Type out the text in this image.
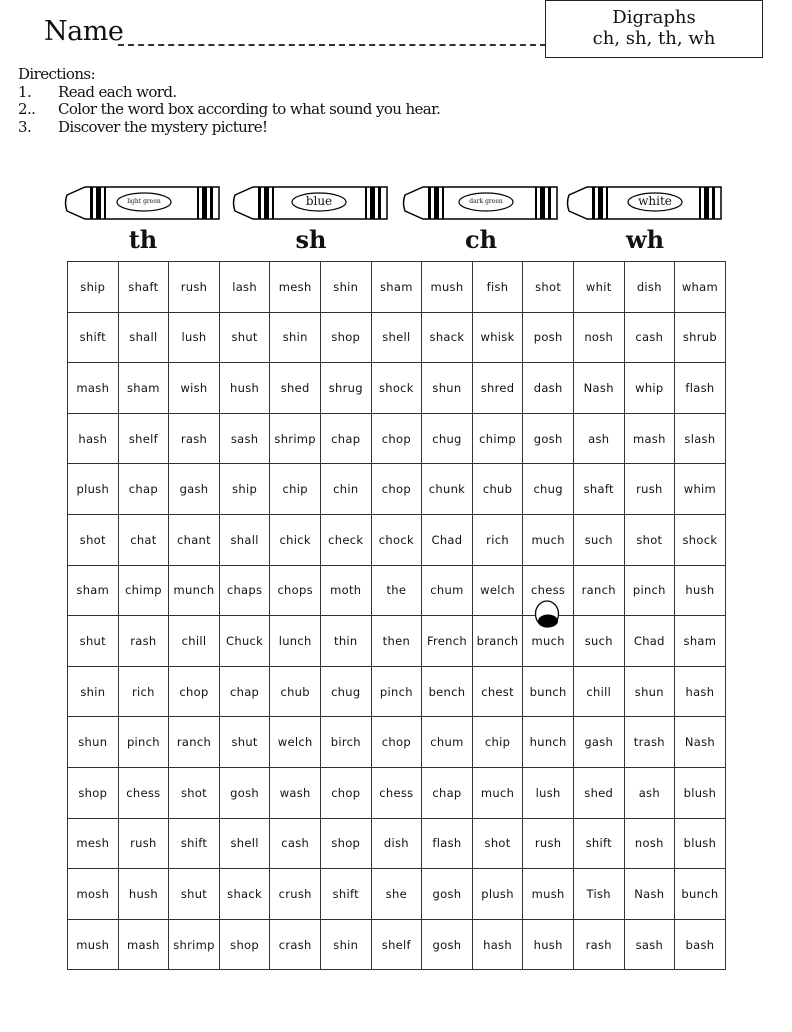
Name	Digraphs
ch, sh, th, wh
Directions:
1.	Read each word.
2..	Color the word box according to what sound you hear.
3.	Discover the mystery picture!
light green
th
blue
sh
dark green
ch
white
wh
ship	shaft	rush	lash	mesh	shin	sham	mush	fish	shot	whit	dish	wham
shift	shall	lush	shut	shin	shop	shell	shack	whisk	posh	nosh	cash	shrub
mash	sham	wish	hush	shed	shrug	shock	shun	shred	dash	Nash	whip	flash
hash	shelf	rash	sash	shrimp	chap	chop	chug	chimp	gosh	ash	mash	slash
plush	chap	gash	ship	chip	chin	chop	chunk	chub	chug	shaft	rush	whim
shot	chat	chant	shall	chick	check	chock	Chad	rich	much	such	shot	shock
sham	chimp	munch	chaps	chops	moth	the	chum	welch	chess	ranch	pinch	hush
shut	rash	chill	Chuck	lunch	thin	then	French	branch	much	such	Chad	sham
shin	rich	chop	chap	chub	chug	pinch	bench	chest	bunch	chill	shun	hash
shun	pinch	ranch	shut	welch	birch	chop	chum	chip	hunch	gash	trash	Nash
shop	chess	shot	gosh	wash	chop	chess	chap	much	lush	shed	ash	blush
mesh	rush	shift	shell	cash	shop	dish	flash	shot	rush	shift	nosh	blush
mosh	hush	shut	shack	crush	shift	she	gosh	plush	mush	Tish	Nash	bunch
mush	mash	shrimp	shop	crash	shin	shelf	gosh	hash	hush	rash	sash	bash
